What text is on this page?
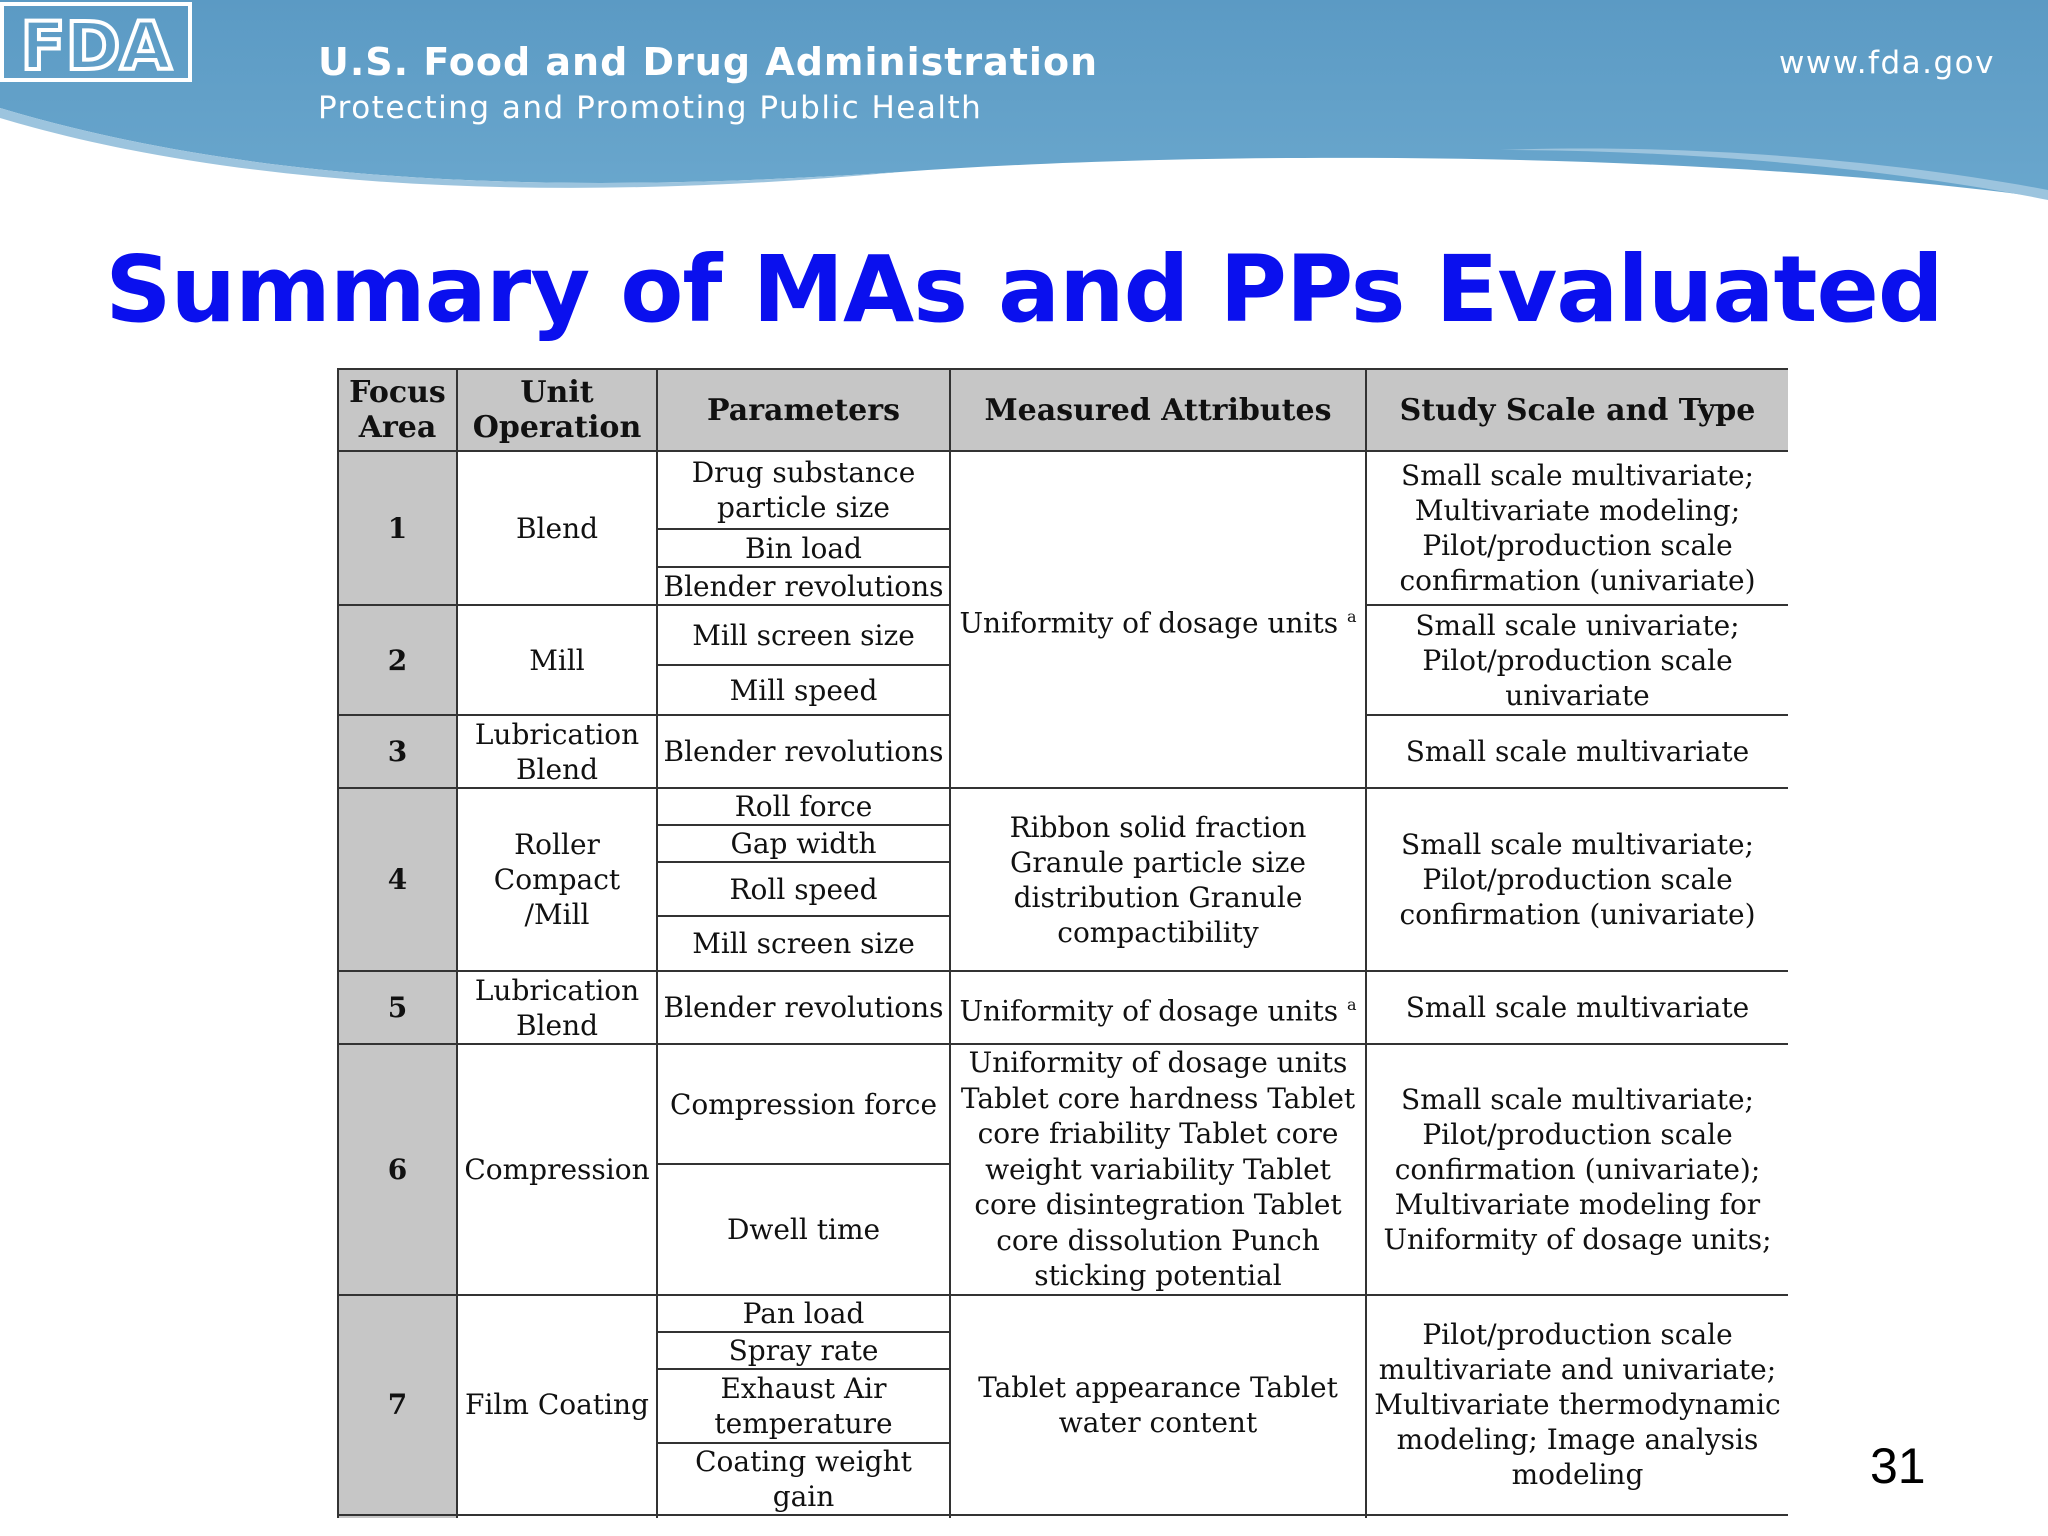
FDA	U.S. Food and Drug Administration
Protecting and Promoting Public Health
www.fda.gov
Summary of MAs and PPs Evaluated
Focus Area	Unit Operation	Parameters	Measured Attributes	Study Scale and Type
1	Blend	Drug substance particle size	Uniformity of dosage units $^a$	Small scale multivariate; Multivariate modeling; Pilot/production scale confirmation (univariate)
		Bin load		
		Blender revolutions		
2	Mill	Mill screen size		Small scale univariate; Pilot/production scale univariate
		Mill speed		
3	Lubrication Blend	Blender revolutions		Small scale multivariate
4	Roller Compact /Mill	Roll force	Ribbon solid fraction Granule particle size distribution Granule compactibility	Small scale multivariate; Pilot/production scale confirmation (univariate)
		Gap width		
		Roll speed		
		Mill screen size		
5	Lubrication Blend	Blender revolutions	Uniformity of dosage units $^a$	Small scale multivariate
6	Compression	Compression force	Uniformity of dosage units Tablet core hardness Tablet core friability Tablet core weight variability Tablet core disintegration Tablet core dissolution Punch sticking potential	Small scale multivariate; Pilot/production scale confirmation (univariate); Multivariate modeling for Uniformity of dosage units;
		Dwell time		
7	Film Coating	Pan load	Tablet appearance Tablet water content	Pilot/production scale multivariate and univariate; Multivariate thermodynamic modeling; Image analysis modeling
		Spray rate		
		Exhaust Air temperature		
		Coating weight gain		

31
